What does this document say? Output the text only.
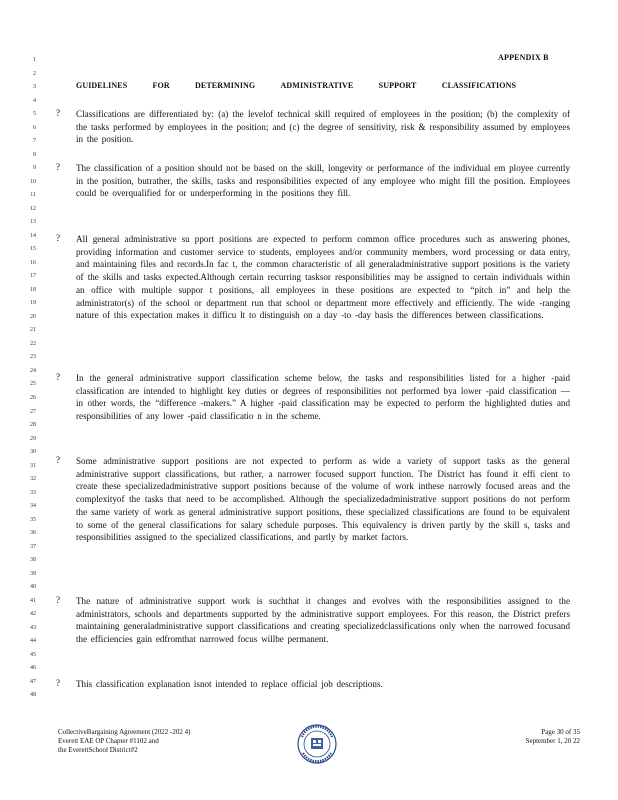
1
2
3
4
5
6
7
8
9
10
11
12
13
14
15
16
17
18
19
20
21
22
23
24
25
26
27
28
29
30
31
32
33
34
35
36
37
38
39
40
41
42
43
44
45
46
47
48
APPENDIX B
GUIDELINES	FOR	DETERMINING	ADMINISTRATIVE	SUPPORT	CLASSIFICATIONS
?	Classifications are differentiated by: (a) the levelof technical skill required of employees in the position; (b) the complexity of the tasks performed by employees in the position; and (c) the degree of sensitivity, risk & responsibility assumed by employees in the position.
?	The classification of a position should not be based on the skill, longevity or performance of the individual em ployee currently in the position, butrather, the skills, tasks and responsibilities expected of any employee who might fill the position. Employees could be overqualified for or underperforming in the positions they fill.
?	All general administrative su pport positions are expected to perform common office procedures such as answering phones, providing information and customer service to students, employees and/or community members, word processing or data entry, and maintaining files and records.In fac t, the common characteristic of all generaladministrative support positions is the variety of the skills and tasks expected.Although certain recurring tasksor responsibilities may be assigned to certain individuals within an office with multiple suppor t positions, all employees in these positions are expected to “pitch in” and help the administrator(s) of the school or department run that school or department more effectively and efficiently. The wide -ranging nature of this expectation makes it difficu lt to distinguish on a day -to -day basis the differences between classifications.
?	In the general administrative support classification scheme below, the tasks and responsibilities listed for a higher -paid classification are intended to highlight key duties or degrees of responsibilities not performed bya lower -paid classification — in other words, the “difference -makers.” A higher -paid classification may be expected to perform the highlighted duties and responsibilities of any lower -paid classificatio n in the scheme.
?	Some administrative support positions are not expected to perform as wide a variety of support tasks as the general administrative support classifications, but rather, a narrower focused support function. The District has found it effi cient to create these specializedadministrative support positions because of the volume of work inthese narrowly focused areas and the complexityof the tasks that need to be accomplished. Although the specializedadministrative support positions do not perform the same variety of work as general administrative support positions, these specialized classifications are found to be equivalent to some of the general classifications for salary schedule purposes. This equivalency is driven partly by the skill s, tasks and responsibilities assigned to the specialized classifications, and partly by market factors.
?	The nature of administrative support work is suchthat it changes and evolves with the responsibilities assigned to the administrators, schools and departments supported by the administrative support employees. For this reason, the District prefers maintaining generaladministrative support classifications and creating specializedclassifications only when the narrowed focusand the efficiencies gain edfromthat narrowed focus willbe permanent.
?	This classification explanation isnot intended to replace official job descriptions.
CollectiveBargaining Agreement (2022 -202 4)
Everett EAE OP Chapter #1102 and
the EverettSchool District#2
Page 30 of 35
September 1, 20 22
